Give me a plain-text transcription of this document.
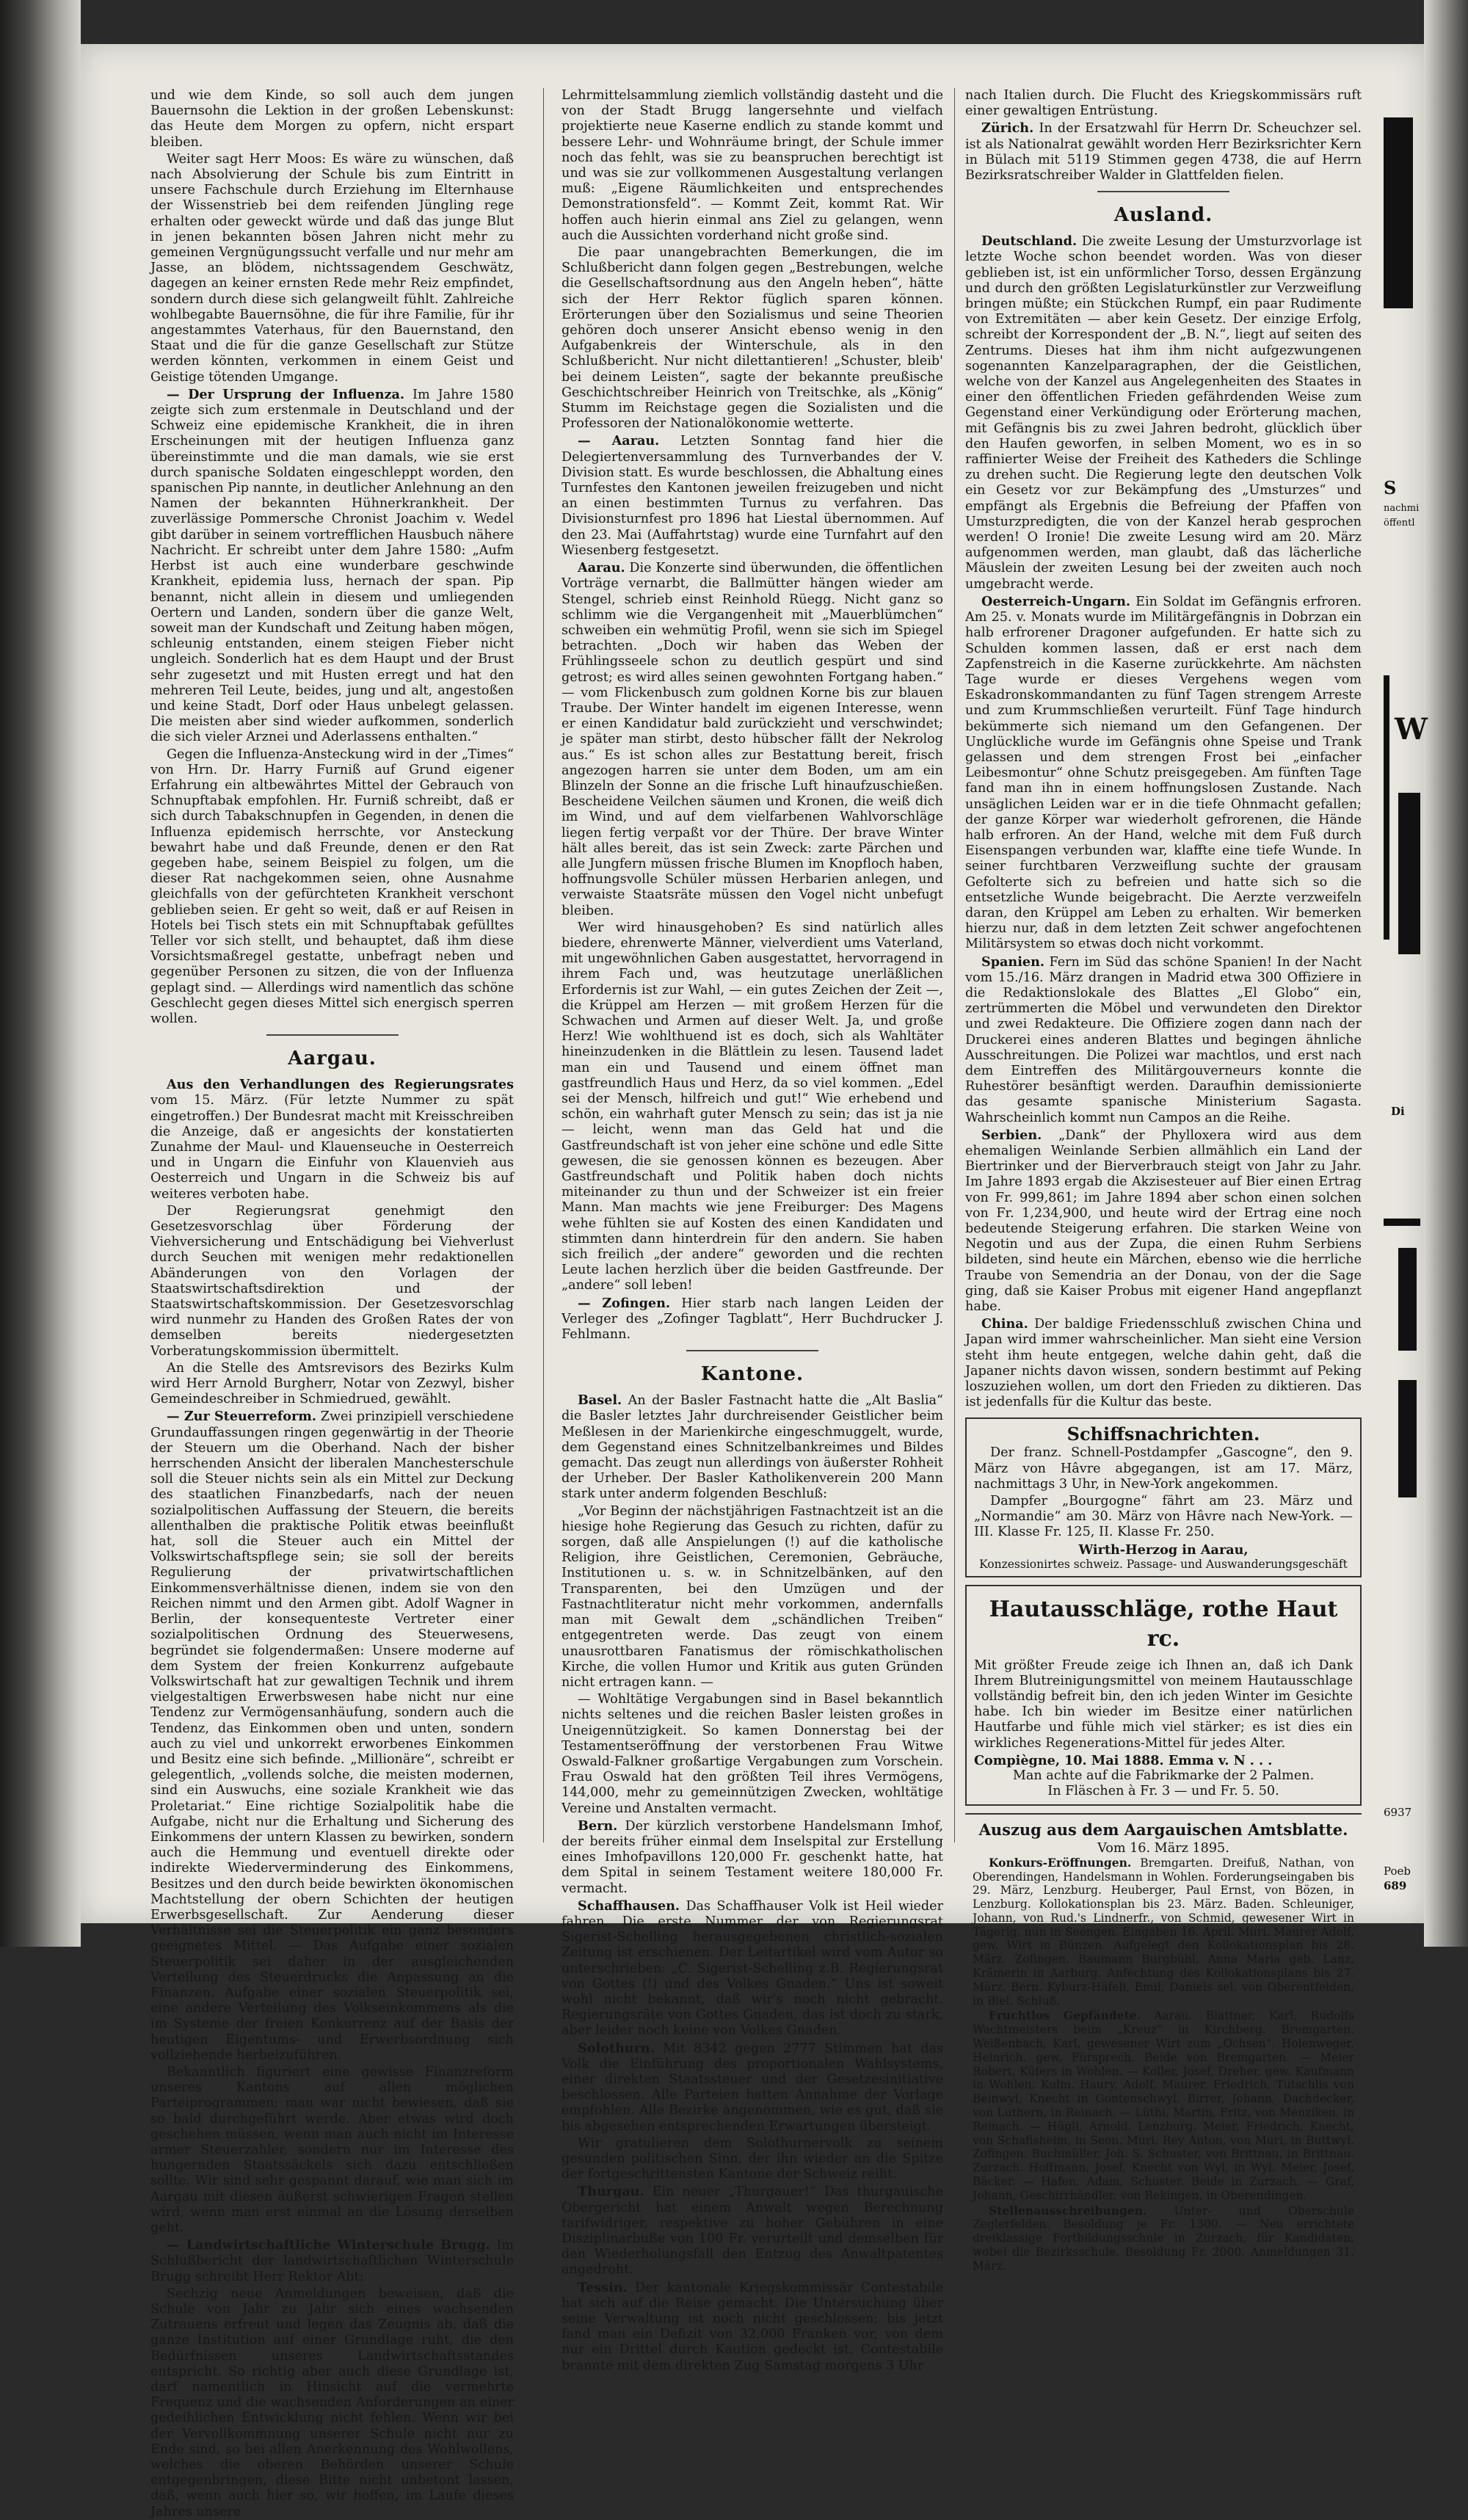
und wie dem Kinde, so soll auch dem jungen Bauernsohn die Lektion in der großen Lebenskunst: das Heute dem Morgen zu opfern, nicht erspart bleiben.

Weiter sagt Herr Moos: Es wäre zu wünschen, daß nach Absolvierung der Schule bis zum Eintritt in unsere Fachschule durch Erziehung im Elternhause der Wissenstrieb bei dem reifenden Jüngling rege erhalten oder geweckt würde und daß das junge Blut in jenen bekannten bösen Jahren nicht mehr zu gemeinen Vergnügungssucht verfalle und nur mehr am Jasse, an blödem, nichtssagendem Geschwätz, dagegen an keiner ernsten Rede mehr Reiz empfindet, sondern durch diese sich gelangweilt fühlt. Zahlreiche wohlbegabte Bauernsöhne, die für ihre Familie, für ihr angestammtes Vaterhaus, für den Bauernstand, den Staat und die für die ganze Gesellschaft zur Stütze werden könnten, verkommen in einem Geist und Geistige tötenden Umgange.

— Der Ursprung der Influenza. Im Jahre 1580 zeigte sich zum erstenmale in Deutschland und der Schweiz eine epidemische Krankheit, die in ihren Erscheinungen mit der heutigen Influenza ganz übereinstimmte und die man damals, wie sie erst durch spanische Soldaten eingeschleppt worden, den spanischen Pip nannte, in deutlicher Anlehnung an den Namen der bekannten Hühnerkrankheit. Der zuverlässige Pommersche Chronist Joachim v. Wedel gibt darüber in seinem vortrefflichen Hausbuch nähere Nachricht. Er schreibt unter dem Jahre 1580: „Aufm Herbst ist auch eine wunderbare geschwinde Krankheit, epidemia luss, hernach der span. Pip benannt, nicht allein in diesem und umliegenden Oertern und Landen, sondern über die ganze Welt, soweit man der Kundschaft und Zeitung haben mögen, schleunig entstanden, einem steigen Fieber nicht ungleich. Sonderlich hat es dem Haupt und der Brust sehr zugesetzt und mit Husten erregt und hat den mehreren Teil Leute, beides, jung und alt, angestoßen und keine Stadt, Dorf oder Haus unbelegt gelassen. Die meisten aber sind wieder aufkommen, sonderlich die sich vieler Arznei und Aderlassens enthalten.“

Gegen die Influenza-Ansteckung wird in der „Times“ von Hrn. Dr. Harry Furniß auf Grund eigener Erfahrung ein altbewährtes Mittel der Gebrauch von Schnupftabak empfohlen. Hr. Furniß schreibt, daß er sich durch Tabakschnupfen in Gegenden, in denen die Influenza epidemisch herrschte, vor Ansteckung bewahrt habe und daß Freunde, denen er den Rat gegeben habe, seinem Beispiel zu folgen, um die dieser Rat nachgekommen seien, ohne Ausnahme gleichfalls von der gefürchteten Krankheit verschont geblieben seien. Er geht so weit, daß er auf Reisen in Hotels bei Tisch stets ein mit Schnupftabak gefülltes Teller vor sich stellt, und behauptet, daß ihm diese Vorsichtsmaßregel gestatte, unbefragt neben und gegenüber Personen zu sitzen, die von der Influenza geplagt sind. — Allerdings wird namentlich das schöne Geschlecht gegen dieses Mittel sich energisch sperren wollen.

Aargau.

Aus den Verhandlungen des Regierungsrates vom 15. März. (Für letzte Nummer zu spät eingetroffen.) Der Bundesrat macht mit Kreisschreiben die Anzeige, daß er angesichts der konstatierten Zunahme der Maul- und Klauenseuche in Oesterreich und in Ungarn die Einfuhr von Klauenvieh aus Oesterreich und Ungarn in die Schweiz bis auf weiteres verboten habe.

Der Regierungsrat genehmigt den Gesetzesvorschlag über Förderung der Viehversicherung und Entschädigung bei Viehverlust durch Seuchen mit wenigen mehr redaktionellen Abänderungen von den Vorlagen der Staatswirtschaftsdirektion und der Staatswirtschaftskommission. Der Gesetzesvorschlag wird nunmehr zu Handen des Großen Rates der von demselben bereits niedergesetzten Vorberatungskommission übermittelt.

An die Stelle des Amtsrevisors des Bezirks Kulm wird Herr Arnold Burgherr, Notar von Zezwyl, bisher Gemeindeschreiber in Schmiedrued, gewählt.

— Zur Steuerreform. Zwei prinzipiell verschiedene Grundauffassungen ringen gegenwärtig in der Theorie der Steuern um die Oberhand. Nach der bisher herrschenden Ansicht der liberalen Manchesterschule soll die Steuer nichts sein als ein Mittel zur Deckung des staatlichen Finanzbedarfs, nach der neuen sozialpolitischen Auffassung der Steuern, die bereits allenthalben die praktische Politik etwas beeinflußt hat, soll die Steuer auch ein Mittel der Volkswirtschaftspflege sein; sie soll der bereits Regulierung der privatwirtschaftlichen Einkommensverhältnisse dienen, indem sie von den Reichen nimmt und den Armen gibt. Adolf Wagner in Berlin, der konsequenteste Vertreter einer sozialpolitischen Ordnung des Steuerwesens, begründet sie folgendermaßen: Unsere moderne auf dem System der freien Konkurrenz aufgebaute Volkswirtschaft hat zur gewaltigen Technik und ihrem vielgestaltigen Erwerbswesen habe nicht nur eine Tendenz zur Vermögensanhäufung, sondern auch die Tendenz, das Einkommen oben und unten, sondern auch zu viel und unkorrekt erworbenes Einkommen und Besitz eine sich befinde. „Millionäre“, schreibt er gelegentlich, „vollends solche, die meisten modernen, sind ein Auswuchs, eine soziale Krankheit wie das Proletariat.“ Eine richtige Sozialpolitik habe die Aufgabe, nicht nur die Erhaltung und Sicherung des Einkommens der untern Klassen zu bewirken, sondern auch die Hemmung und eventuell direkte oder indirekte Wiederverminderung des Einkommens, Besitzes und den durch beide bewirkten ökonomischen Machtstellung der obern Schichten der heutigen Erwerbsgesellschaft. Zur Aenderung dieser Verhältnisse sei die Steuerpolitik ein ganz besonders geeignetes Mittel. — Das Aufgabe einer sozialen Steuerpolitik sei daher in der ausgleichenden Verteilung des Steuerdrucks die Anpassung an die Finanzen. Aufgabe einer sozialen Steuerpolitik sei, eine andere Verteilung des Volkseinkommens als die im Systeme der freien Konkurrenz auf der Basis der heutigen Eigentums- und Erwerbsordnung sich vollziehende herbeizuführen.

Bekanntlich figuriert eine gewisse Finanzreform unseres Kantons auf allen möglichen Parteiprogrammen; man war nicht bewiesen, daß sie so bald durchgeführt werde. Aber etwas wird doch geschehen müssen, wenn man auch nicht im Interesse armer Steuerzahler, sondern nur im Interesse des hungernden Staatssäckels sich dazu entschließen sollte. Wir sind sehr gespannt darauf, wie man sich im Aargau mit diesen äußerst schwierigen Fragen stellen wird, wenn man erst einmal an die Lösung derselben geht.

— Landwirtschaftliche Winterschule Brugg. Im Schlußbericht der landwirtschaftlichen Winterschule Brugg schreibt Herr Rektor Abt:

Sechzig neue Anmeldungen beweisen, daß die Schule von Jahr zu Jahr sich eines wachsenden Zutrauens erfreut und legen das Zeugnis ab, daß die ganze Institution auf einer Grundlage ruht, die den Bedürfnissen unseres Landwirtschaftsstandes entspricht. So richtig aber auch diese Grundlage ist, darf namentlich in Hinsicht auf die vermehrte Frequenz und die wachsenden Anforderungen an einer gedeihlichen Entwicklung nicht fehlen. Wenn wir bei der Vervollkommnung unserer Schule nicht nur zu Ende sind, so bei allen Anerkennung des Wohlwollens, welches die oberen Behörden unserer Schule entgegenbringen, diese Bitte nicht unbetont lassen, daß, wenn auch hier so, wir hoffen, im Laufe dieses Jahres unsere

Lehrmittelsammlung ziemlich vollständig dasteht und die von der Stadt Brugg langersehnte und vielfach projektierte neue Kaserne endlich zu stande kommt und bessere Lehr- und Wohnräume bringt, der Schule immer noch das fehlt, was sie zu beanspruchen berechtigt ist und was sie zur vollkommenen Ausgestaltung verlangen muß: „Eigene Räumlichkeiten und entsprechendes Demonstrationsfeld“. — Kommt Zeit, kommt Rat. Wir hoffen auch hierin einmal ans Ziel zu gelangen, wenn auch die Aussichten vorderhand nicht große sind.

Die paar unangebrachten Bemerkungen, die im Schlußbericht dann folgen gegen „Bestrebungen, welche die Gesellschaftsordnung aus den Angeln heben“, hätte sich der Herr Rektor füglich sparen können. Erörterungen über den Sozialismus und seine Theorien gehören doch unserer Ansicht ebenso wenig in den Aufgabenkreis der Winterschule, als in den Schlußbericht. Nur nicht dilettantieren! „Schuster, bleib' bei deinem Leisten“, sagte der bekannte preußische Geschichtschreiber Heinrich von Treitschke, als „König“ Stumm im Reichstage gegen die Sozialisten und die Professoren der Nationalökonomie wetterte.

— Aarau. Letzten Sonntag fand hier die Delegiertenversammlung des Turnverbandes der V. Division statt. Es wurde beschlossen, die Abhaltung eines Turnfestes den Kantonen jeweilen freizugeben und nicht an einen bestimmten Turnus zu verfahren. Das Divisionsturnfest pro 1896 hat Liestal übernommen. Auf den 23. Mai (Auffahrtstag) wurde eine Turnfahrt auf den Wiesenberg festgesetzt.

Aarau. Die Konzerte sind überwunden, die öffentlichen Vorträge vernarbt, die Ballmütter hängen wieder am Stengel, schrieb einst Reinhold Rüegg. Nicht ganz so schlimm wie die Vergangenheit mit „Mauerblümchen“ schweiben ein wehmütig Profil, wenn sie sich im Spiegel betrachten. „Doch wir haben das Weben der Frühlingsseele schon zu deutlich gespürt und sind getrost; es wird alles seinen gewohnten Fortgang haben.“ — vom Flickenbusch zum goldnen Korne bis zur blauen Traube. Der Winter handelt im eigenen Interesse, wenn er einen Kandidatur bald zurückzieht und verschwindet; je später man stirbt, desto hübscher fällt der Nekrolog aus.“ Es ist schon alles zur Bestattung bereit, frisch angezogen harren sie unter dem Boden, um am ein Blinzeln der Sonne an die frische Luft hinaufzuschießen. Bescheidene Veilchen säumen und Kronen, die weiß dich im Wind, und auf dem vielfarbenen Wahlvorschläge liegen fertig verpaßt vor der Thüre. Der brave Winter hält alles bereit, das ist sein Zweck: zarte Pärchen und alle Jungfern müssen frische Blumen im Knopfloch haben, hoffnungsvolle Schüler müssen Herbarien anlegen, und verwaiste Staatsräte müssen den Vogel nicht unbefugt bleiben.

Wer wird hinausgehoben? Es sind natürlich alles biedere, ehrenwerte Männer, vielverdient ums Vaterland, mit ungewöhnlichen Gaben ausgestattet, hervorragend in ihrem Fach und, was heutzutage unerläßlichen Erfordernis ist zur Wahl, — ein gutes Zeichen der Zeit —, die Krüppel am Herzen — mit großem Herzen für die Schwachen und Armen auf dieser Welt. Ja, und große Herz! Wie wohlthuend ist es doch, sich als Wahltäter hineinzudenken in die Blättlein zu lesen. Tausend ladet man ein und Tausend und einem öffnet man gastfreundlich Haus und Herz, da so viel kommen. „Edel sei der Mensch, hilfreich und gut!“ Wie erhebend und schön, ein wahrhaft guter Mensch zu sein; das ist ja nie — leicht, wenn man das Geld hat und die Gastfreundschaft ist von jeher eine schöne und edle Sitte gewesen, die sie genossen können es bezeugen. Aber Gastfreundschaft und Politik haben doch nichts miteinander zu thun und der Schweizer ist ein freier Mann. Man machts wie jene Freiburger: Des Magens wehe fühlten sie auf Kosten des einen Kandidaten und stimmten dann hinterdrein für den andern. Sie haben sich freilich „der andere“ geworden und die rechten Leute lachen herzlich über die beiden Gastfreunde. Der „andere“ soll leben!

— Zofingen. Hier starb nach langen Leiden der Verleger des „Zofinger Tagblatt“, Herr Buchdrucker J. Fehlmann.

Kantone.

Basel. An der Basler Fastnacht hatte die „Alt Baslia“ die Basler letztes Jahr durchreisender Geistlicher beim Meßlesen in der Marienkirche eingeschmuggelt, wurde, dem Gegenstand eines Schnitzelbankreimes und Bildes gemacht. Das zeugt nun allerdings von äußerster Rohheit der Urheber. Der Basler Katholikenverein 200 Mann stark unter anderm folgenden Beschluß:

„Vor Beginn der nächstjährigen Fastnachtzeit ist an die hiesige hohe Regierung das Gesuch zu richten, dafür zu sorgen, daß alle Anspielungen (!) auf die katholische Religion, ihre Geistlichen, Ceremonien, Gebräuche, Institutionen u. s. w. in Schnitzelbänken, auf den Transparenten, bei den Umzügen und der Fastnachtliteratur nicht mehr vorkommen, andernfalls man mit Gewalt dem „schändlichen Treiben“ entgegentreten werde. Das zeugt von einem unausrottbaren Fanatismus der römischkatholischen Kirche, die vollen Humor und Kritik aus guten Gründen nicht ertragen kann. —

— Wohltätige Vergabungen sind in Basel bekanntlich nichts seltenes und die reichen Basler leisten großes in Uneigennützigkeit. So kamen Donnerstag bei der Testamentseröffnung der verstorbenen Frau Witwe Oswald-Falkner großartige Vergabungen zum Vorschein. Frau Oswald hat den größten Teil ihres Vermögens, 144,000, mehr zu gemeinnützigen Zwecken, wohltätige Vereine und Anstalten vermacht.

Bern. Der kürzlich verstorbene Handelsmann Imhof, der bereits früher einmal dem Inselspital zur Erstellung eines Imhofpavillons 120,000 Fr. geschenkt hatte, hat dem Spital in seinem Testament weitere 180,000 Fr. vermacht.

Schaffhausen. Das Schaffhauser Volk ist Heil wieder fahren. Die erste Nummer der von Regierungsrat Sigerist-Schelling herausgegebenen christlich-sozialen Zeitung ist erschienen. Der Leitartikel wird vom Autor so unterschrieben: „C. Sigerist-Schelling z.B. Regierungsrat von Gottes (!) und des Volkes Gnaden.“ Uns ist soweit wohl nicht bekannt, daß wir's noch nicht gebracht. Regierungsräte von Gottes Gnaden, das ist doch zu stark, aber leider noch keine von Volkes Gnaden.

Solothurn. Mit 8342 gegen 2777 Stimmen hat das Volk die Einführung des proportionalen Wahlsystems, einer direkten Staatssteuer und der Gesetzesinitiative beschlossen. Alle Parteien hatten Annahme der Vorlage empfohlen. Alle Bezirke angenommen, wie es gut, daß sie bis abgesehen entsprechenden Erwartungen übersteigt.

Wir gratulieren dem Solothurnervolk zu seinem gesunden politischen Sinn, der ihn wieder an die Spitze der fortgeschrittensten Kantone der Schweiz reiht.

Thurgau. Ein neuer „Thurgauer!“ Das thurgauische Obergericht hat einem Anwalt wegen Berechnung tarifwidriger, respektive zu hoher Gebühren in eine Disziplinarbuße von 100 Fr. verurteilt und demselben für den Wiederholungsfall den Entzug des Anwaltpatentes angedroht.

Tessin. Der kantonale Kriegskommissär Contestabile hat sich auf die Reise gemacht. Die Untersuchung über seine Verwaltung ist noch nicht geschlossen; bis jetzt fand man ein Defizit von 32,000 Franken vor, von dem nur ein Drittel durch Kaution gedeckt ist. Contestabile brannte mit dem direkten Zug Samstag morgens 3 Uhr

nach Italien durch. Die Flucht des Kriegskommissärs ruft einer gewaltigen Entrüstung.

Zürich. In der Ersatzwahl für Herrn Dr. Scheuchzer sel. ist als Nationalrat gewählt worden Herr Bezirksrichter Kern in Bülach mit 5119 Stimmen gegen 4738, die auf Herrn Bezirksratschreiber Walder in Glattfelden fielen.

Ausland.

Deutschland. Die zweite Lesung der Umsturzvorlage ist letzte Woche schon beendet worden. Was von dieser geblieben ist, ist ein unförmlicher Torso, dessen Ergänzung und durch den größten Legislaturkünstler zur Verzweiflung bringen müßte; ein Stückchen Rumpf, ein paar Rudimente von Extremitäten — aber kein Gesetz. Der einzige Erfolg, schreibt der Korrespondent der „B. N.“, liegt auf seiten des Zentrums. Dieses hat ihm ihm nicht aufgezwungenen sogenannten Kanzelparagraphen, der die Geistlichen, welche von der Kanzel aus Angelegenheiten des Staates in einer den öffentlichen Frieden gefährdenden Weise zum Gegenstand einer Verkündigung oder Erörterung machen, mit Gefängnis bis zu zwei Jahren bedroht, glücklich über den Haufen geworfen, in selben Moment, wo es in so raffinierter Weise der Freiheit des Katheders die Schlinge zu drehen sucht. Die Regierung legte den deutschen Volk ein Gesetz vor zur Bekämpfung des „Umsturzes“ und empfängt als Ergebnis die Befreiung der Pfaffen von Umsturzpredigten, die von der Kanzel herab gesprochen werden! O Ironie! Die zweite Lesung wird am 20. März aufgenommen werden, man glaubt, daß das lächerliche Mäuslein der zweiten Lesung bei der zweiten auch noch umgebracht werde.

Oesterreich-Ungarn. Ein Soldat im Gefängnis erfroren. Am 25. v. Monats wurde im Militärgefängnis in Dobrzan ein halb erfrorener Dragoner aufgefunden. Er hatte sich zu Schulden kommen lassen, daß er erst nach dem Zapfenstreich in die Kaserne zurückkehrte. Am nächsten Tage wurde er dieses Vergehens wegen vom Eskadronskommandanten zu fünf Tagen strengem Arreste und zum Krummschließen verurteilt. Fünf Tage hindurch bekümmerte sich niemand um den Gefangenen. Der Unglückliche wurde im Gefängnis ohne Speise und Trank gelassen und dem strengen Frost bei „einfacher Leibesmontur“ ohne Schutz preisgegeben. Am fünften Tage fand man ihn in einem hoffnungslosen Zustande. Nach unsäglichen Leiden war er in die tiefe Ohnmacht gefallen; der ganze Körper war wiederholt gefrorenen, die Hände halb erfroren. An der Hand, welche mit dem Fuß durch Eisenspangen verbunden war, klaffte eine tiefe Wunde. In seiner furchtbaren Verzweiflung suchte der grausam Gefolterte sich zu befreien und hatte sich so die entsetzliche Wunde beigebracht. Die Aerzte verzweifeln daran, den Krüppel am Leben zu erhalten. Wir bemerken hierzu nur, daß in dem letzten Zeit schwer angefochtenen Militärsystem so etwas doch nicht vorkommt.

Spanien. Fern im Süd das schöne Spanien! In der Nacht vom 15./16. März drangen in Madrid etwa 300 Offiziere in die Redaktionslokale des Blattes „El Globo“ ein, zertrümmerten die Möbel und verwundeten den Direktor und zwei Redakteure. Die Offiziere zogen dann nach der Druckerei eines anderen Blattes und begingen ähnliche Ausschreitungen. Die Polizei war machtlos, und erst nach dem Eintreffen des Militärgouverneurs konnte die Ruhestörer besänftigt werden. Daraufhin demissionierte das gesamte spanische Ministerium Sagasta. Wahrscheinlich kommt nun Campos an die Reihe.

Serbien. „Dank“ der Phylloxera wird aus dem ehemaligen Weinlande Serbien allmählich ein Land der Biertrinker und der Bierverbrauch steigt von Jahr zu Jahr. Im Jahre 1893 ergab die Akzisesteuer auf Bier einen Ertrag von Fr. 999,861; im Jahre 1894 aber schon einen solchen von Fr. 1,234,900, und heute wird der Ertrag eine noch bedeutende Steigerung erfahren. Die starken Weine von Negotin und aus der Zupa, die einen Ruhm Serbiens bildeten, sind heute ein Märchen, ebenso wie die herrliche Traube von Semendria an der Donau, von der die Sage ging, daß sie Kaiser Probus mit eigener Hand angepflanzt habe.

China. Der baldige Friedensschluß zwischen China und Japan wird immer wahrscheinlicher. Man sieht eine Version steht ihm heute entgegen, welche dahin geht, daß die Japaner nichts davon wissen, sondern bestimmt auf Peking loszuziehen wollen, um dort den Frieden zu diktieren. Das ist jedenfalls für die Kultur das beste.

Schiffsnachrichten.

Der franz. Schnell-Postdampfer „Gascogne“, den 9. März von Hâvre abgegangen, ist am 17. März, nachmittags 3 Uhr, in New-York angekommen.

Dampfer „Bourgogne“ fährt am 23. März und „Normandie“ am 30. März von Hâvre nach New-York. — III. Klasse Fr. 125, II. Klasse Fr. 250.

Wirth-Herzog in Aarau,
Konzessionirtes schweiz. Passage- und Auswanderungsgeschäft
Hautausschläge, rothe Haut rc.

Mit größter Freude zeige ich Ihnen an, daß ich Dank Ihrem Blutreinigungsmittel von meinem Hautausschlage vollständig befreit bin, den ich jeden Winter im Gesichte habe. Ich bin wieder im Besitze einer natürlichen Hautfarbe und fühle mich viel stärker; es ist dies ein wirkliches Regenerations-Mittel für jedes Alter.

Compiègne, 10. Mai 1888. Emma v. N . . .
Man achte auf die Fabrikmarke der 2 Palmen.
In Fläschen à Fr. 3 — und Fr. 5. 50.
Auszug aus dem Aargauischen Amtsblatte.
Vom 16. März 1895.

Konkurs-Eröffnungen. Bremgarten. Dreifuß, Nathan, von Oberendingen, Handelsmann in Wohlen. Forderungseingaben bis 29. März, Lenzburg. Heuberger, Paul Ernst, von Bözen, in Lenzburg. Kollokationsplan bis 23. März. Baden. Schleuniger, Johann, von Rud.'s Lindnerfr., von Schmid, gewesener Wirt in Tägerig, nun in Seengen. Eingaben 16. April. Muri. Maurer Adolf, gew. Wirt in Bünzen. Aufgelegt den Kollokationsplan bis 28. März. Zofingen. Baumann Burgbühl, Anna Maria geb. Lanz, Krämerin in Aarburg. Anfechtung des Kollokationsplans bis 27. März. Bern. Kyburz-Häfeli, Emil, Daniels sel. von Oberentfelden, in Biel. Schluß.

Fruchtlos Gepfändete. Aarau. Blattner, Karl, Rudolfs Wachtmeisters beim „Kreuz“ in Kirchberg. Bremgarten. Weißenbach, Karl, gewesener Wirt zum „Ochsen“. Holenweger, Heinrich, gew. Fürsprech. Beide von Bremgarten. — Meier Robert, Küfers in Wohlen. — Koller, Josef, Dreher, gew. Kaufmann in Wohlen. Kulm. Haury, Adolf, Maurer, Friedrich, Tutschlis von Beinwyl, Knecht in Gontenschwyl. Birrer, Johann, Dachdecker, von Luthern, in Reinach. — Lüthi, Martin, Fritz, von Menziken, in Reinach. — Hügli, Arnold. Lenzburg. Meier, Friedrich, Knecht, von Schafisheim, in Seon. Muri. Rey Anton, von Muri, in Buttwyl. Zofingen. Buchmüller, Joh. S. Schuster, von Brittnau, in Brittnau. Zurzach. Hoffmann, Josef, Knecht von Wyl, in Wyl. Meier, Josef, Bäcker. — Hafen, Adam, Schuster. Beide in Zurzach. — Graf, Johann, Geschirrhändler, von Rekingen, in Oberendingen.

Stellenausschreibungen. Unter- und Oberschule Zeglerfelden. Besoldung je Fr. 1300. — Neu errichtete dreiklassige Fortbildungsschule in Zurzach, für Kandidaten, wobei die Bezirksschule. Besoldung Fr. 2000. Anmeldungen 31. März.

S
nachmi
öffentl
W
Di
6937
Poeb
689
